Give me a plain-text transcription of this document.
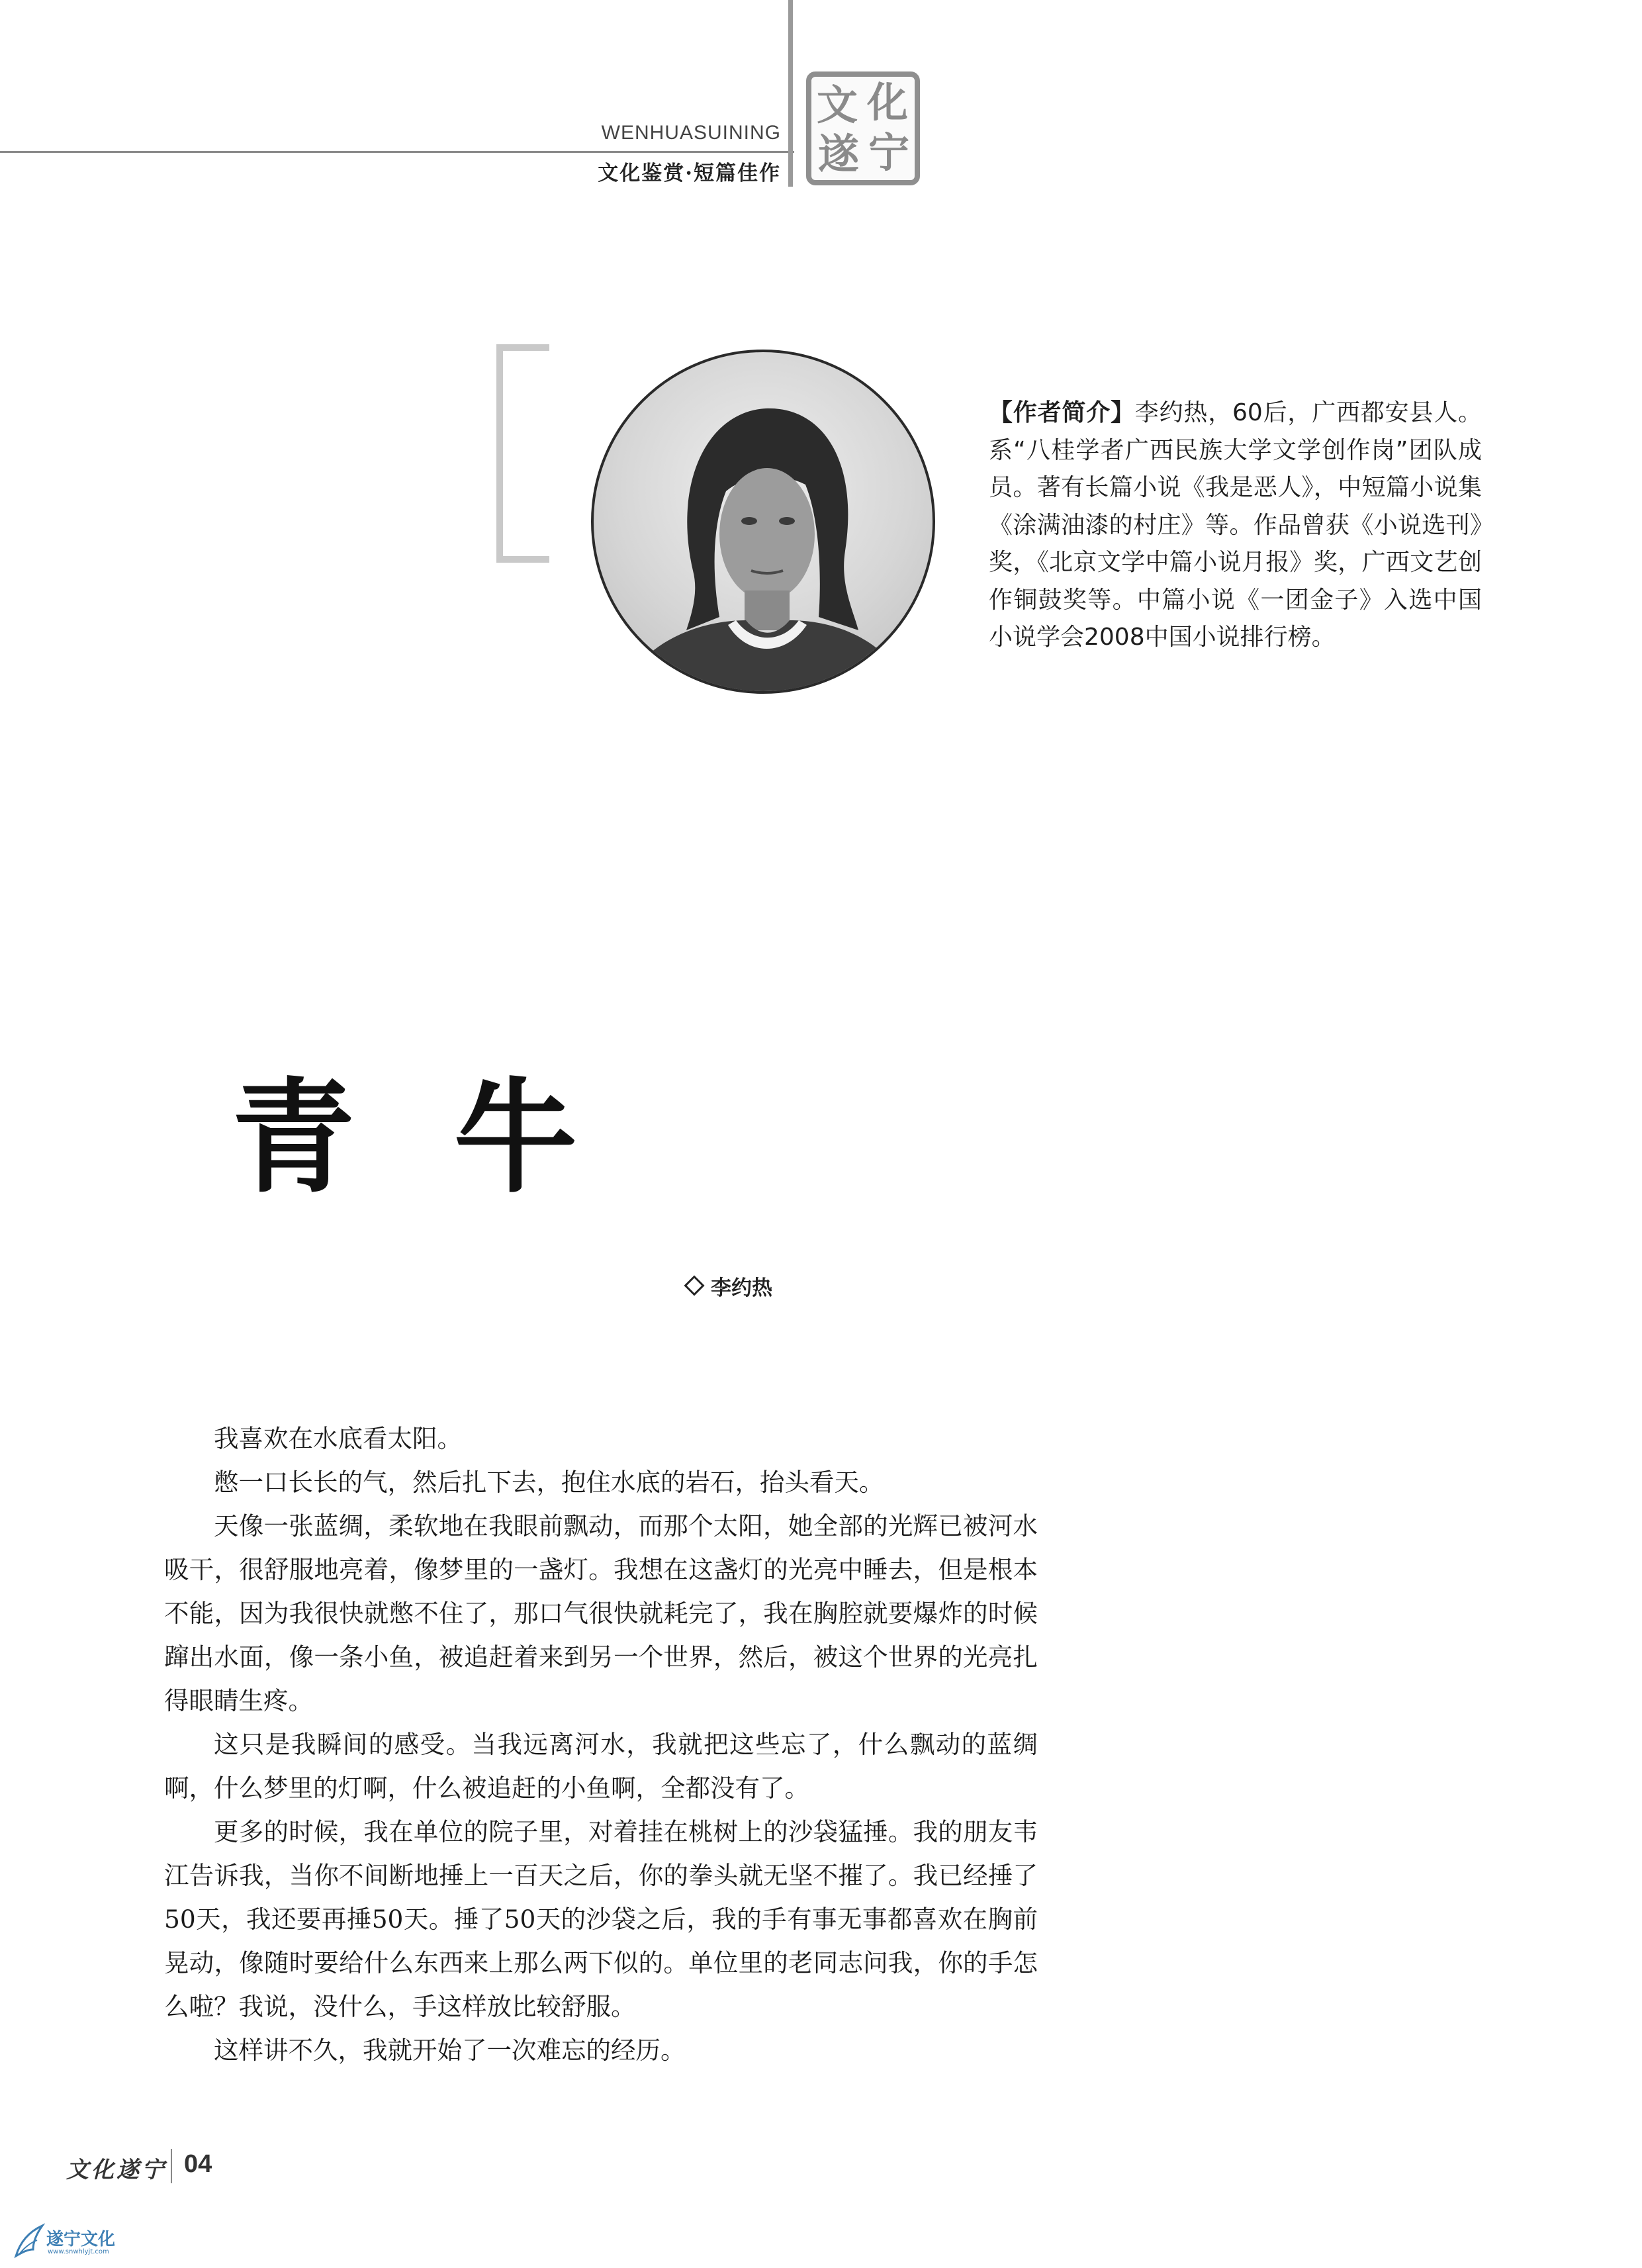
WENHUASUINING
文化鉴赏·短篇佳作
文 化
遂 宁
【作者简介】李约热，60后，广西都安县人。系“八桂学者广西民族大学文学创作岗”团队成员。著有长篇小说《我是恶人》，中短篇小说集《涂满油漆的村庄》等。作品曾获《小说选刊》奖，《北京文学中篇小说月报》奖，广西文艺创作铜鼓奖等。中篇小说《一团金子》入选中国小说学会2008中国小说排行榜。
青牛
李约热

我喜欢在水底看太阳。

憋一口长长的气，然后扎下去，抱住水底的岩石，抬头看天。

天像一张蓝绸，柔软地在我眼前飘动，而那个太阳，她全部的光辉已被河水吸干，很舒服地亮着，像梦里的一盏灯。我想在这盏灯的光亮中睡去，但是根本不能，因为我很快就憋不住了，那口气很快就耗完了，我在胸腔就要爆炸的时候蹿出水面，像一条小鱼，被追赶着来到另一个世界，然后，被这个世界的光亮扎得眼睛生疼。

这只是我瞬间的感受。当我远离河水，我就把这些忘了，什么飘动的蓝绸啊，什么梦里的灯啊，什么被追赶的小鱼啊，全都没有了。

更多的时候，我在单位的院子里，对着挂在桃树上的沙袋猛捶。我的朋友韦江告诉我，当你不间断地捶上一百天之后，你的拳头就无坚不摧了。我已经捶了50天，我还要再捶50天。捶了50天的沙袋之后，我的手有事无事都喜欢在胸前晃动，像随时要给什么东西来上那么两下似的。单位里的老同志问我，你的手怎么啦？我说，没什么，手这样放比较舒服。

这样讲不久，我就开始了一次难忘的经历。

文化遂宁 04
遂宁文化
www.snwhlyjt.com
